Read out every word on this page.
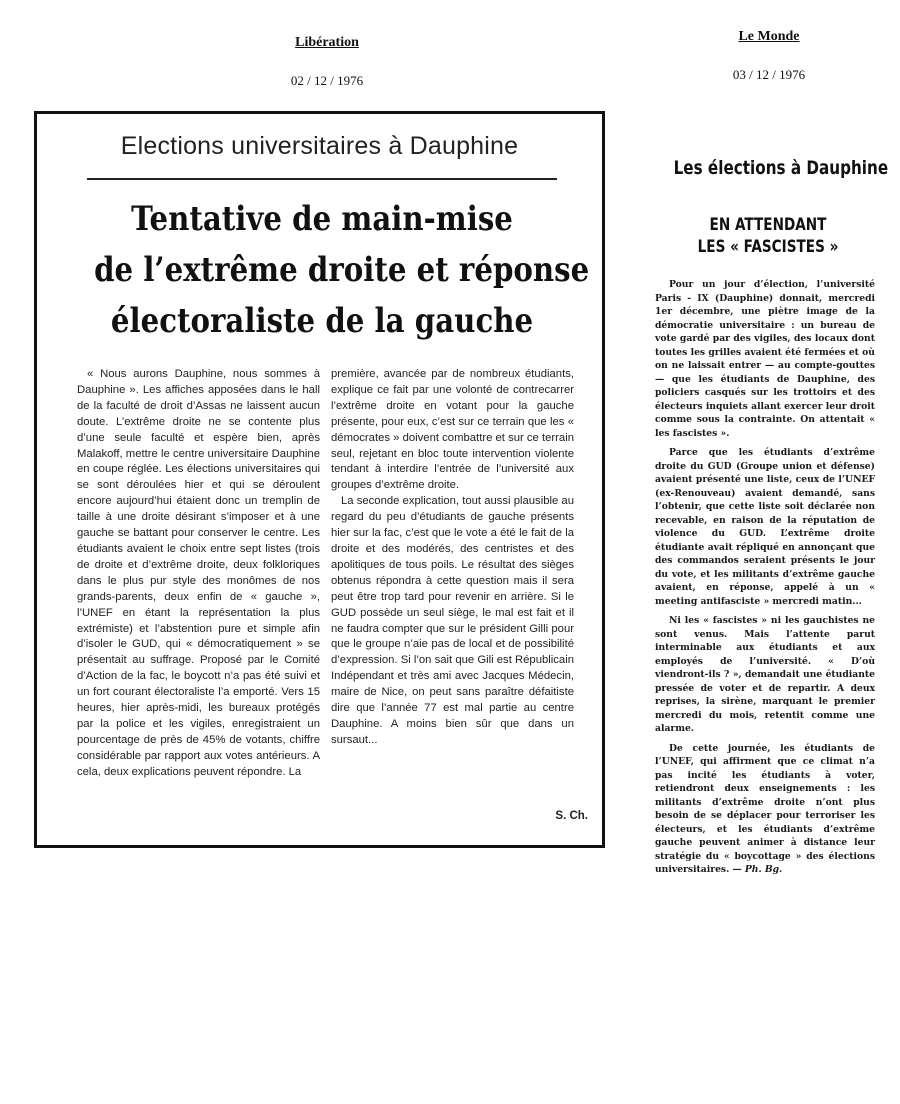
Libération
02 / 12 / 1976
Le Monde
03 / 12 / 1976
Elections universitaires à Dauphine
Tentative de main-mise
de l’extrême droite et réponse
électoraliste de la gauche

« Nous aurons Dauphine, nous sommes à Dauphine ». Les affiches apposées dans le hall de la faculté de droit d’Assas ne laissent aucun doute. L’extrême droite ne se contente plus d’une seule faculté et espère bien, après Malakoff, mettre le centre universitaire Dauphine en coupe réglée. Les élections universitaires qui se sont déroulées hier et qui se déroulent encore aujourd’hui étaient donc un tremplin de taille à une droite désirant s’imposer et à une gauche se battant pour conserver le centre. Les étudiants avaient le choix entre sept listes (trois de droite et d’extrême droite, deux folkloriques dans le plus pur style des monômes de nos grands-parents, deux enfin de « gauche », l’UNEF en étant la représentation la plus extrémiste) et l’abstention pure et simple afin d’isoler le GUD, qui « démocratiquement » se présentait au suffrage. Proposé par le Comité d’Action de la fac, le boycott n’a pas été suivi et un fort courant électoraliste l’a emporté. Vers 15 heures, hier après-midi, les bureaux protégés par la police et les vigiles, enregistraient un pourcentage de près de 45% de votants, chiffre considérable par rapport aux votes antérieurs. A cela, deux explications peuvent répondre. La

première, avancée par de nombreux étudiants, explique ce fait par une volonté de contrecarrer l’extrême droite en votant pour la gauche présente, pour eux, c’est sur ce terrain que les « démocrates » doivent combattre et sur ce terrain seul, rejetant en bloc toute intervention violente tendant à interdire l’entrée de l’université aux groupes d’extrême droite.

La seconde explication, tout aussi plausible au regard du peu d’étudiants de gauche présents hier sur la fac, c’est que le vote a été le fait de la droite et des modérés, des centristes et des apolitiques de tous poils. Le résultat des sièges obtenus répondra à cette question mais il sera peut être trop tard pour revenir en arrière. Si le GUD possède un seul siège, le mal est fait et il ne faudra compter que sur le président Gilli pour que le groupe n’aie pas de local et de possibilité d’expression. Si l’on sait que Gili est Républicain Indépendant et très ami avec Jacques Médecin, maire de Nice, on peut sans paraître défaitiste dire que l’année 77 est mal partie au centre Dauphine. A moins bien sûr que dans un sursaut...

S. Ch.
Les élections à Dauphine
EN ATTENDANT
LES « FASCISTES »

Pour un jour d’élection, l’université Paris - IX (Dauphine) donnait, mercredi 1er décembre, une piètre image de la démocratie universitaire : un bureau de vote gardé par des vigiles, des locaux dont toutes les grilles avaient été fermées et où on ne laissait entrer — au compte-gouttes — que les étudiants de Dauphine, des policiers casqués sur les trottoirs et des électeurs inquiets allant exercer leur droit comme sous la contrainte. On attentait « les fascistes ».

Parce que les étudiants d’extrême droite du GUD (Groupe union et défense) avaient présenté une liste, ceux de l’UNEF (ex-Renouveau) avaient demandé, sans l’obtenir, que cette liste soit déclarée non recevable, en raison de la réputation de violence du GUD. L’extrême droite étudiante avait répliqué en annonçant que des commandos seraient présents le jour du vote, et les militants d’extrême gauche avaient, en réponse, appelé à un « meeting antifasciste » mercredi matin...

Ni les « fascistes » ni les gauchistes ne sont venus. Mais l’attente parut interminable aux étudiants et aux employés de l’université. « D’où viendront-ils ? », demandait une étudiante pressée de voter et de repartir. A deux reprises, la sirène, marquant le premier mercredi du mois, retentit comme une alarme.

De cette journée, les étudiants de l’UNEF, qui affirment que ce climat n’a pas incité les étudiants à voter, retiendront deux enseignements : les militants d’extrême droite n’ont plus besoin de se déplacer pour terroriser les électeurs, et les étudiants d’extrême gauche peuvent animer à distance leur stratégie du « boycottage » des élections universitaires. — Ph. Bg.
